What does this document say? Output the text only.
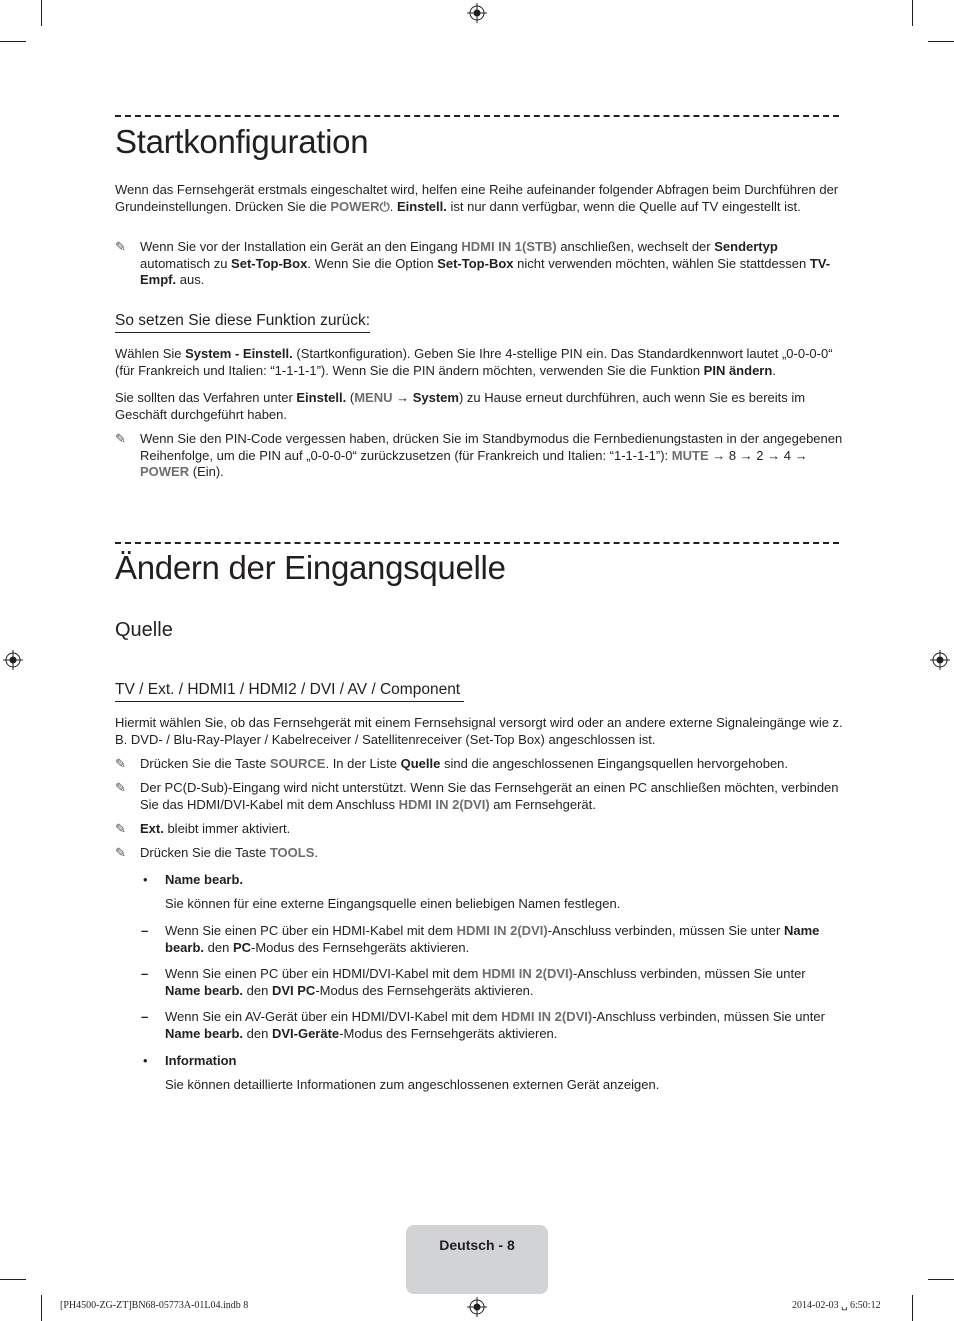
Startkonfiguration
Wenn das Fernsehgerät erstmals eingeschaltet wird, helfen eine Reihe aufeinander folgender Abfragen beim Durchführen der Grundeinstellungen. Drücken Sie die POWER⏻. Einstell. ist nur dann verfügbar, wenn die Quelle auf TV eingestellt ist.
✎	Wenn Sie vor der Installation ein Gerät an den Eingang HDMI IN 1(STB) anschließen, wechselt der Sendertyp automatisch zu Set-Top-Box. Wenn Sie die Option Set-Top-Box nicht verwenden möchten, wählen Sie stattdessen TV-Empf. aus.
So setzen Sie diese Funktion zurück:
Wählen Sie System - Einstell. (Startkonfiguration). Geben Sie Ihre 4-stellige PIN ein. Das Standardkennwort lautet „0-0-0-0“ (für Frankreich und Italien: “1-1-1-1”). Wenn Sie die PIN ändern möchten, verwenden Sie die Funktion PIN ändern.
Sie sollten das Verfahren unter Einstell. (MENU → System) zu Hause erneut durchführen, auch wenn Sie es bereits im Geschäft durchgeführt haben.
✎	Wenn Sie den PIN-Code vergessen haben, drücken Sie im Standbymodus die Fernbedienungstasten in der angegebenen Reihenfolge, um die PIN auf „0-0-0-0“ zurückzusetzen (für Frankreich und Italien: “1-1-1-1”): MUTE → 8 → 2 → 4 → POWER (Ein).
Ändern der Eingangsquelle
Quelle
TV / Ext. / HDMI1 / HDMI2 / DVI / AV / Component
Hiermit wählen Sie, ob das Fernsehgerät mit einem Fernsehsignal versorgt wird oder an andere externe Signaleingänge wie z. B. DVD- / Blu-Ray-Player / Kabelreceiver / Satellitenreceiver (Set-Top Box) angeschlossen ist.
✎	Drücken Sie die Taste SOURCE. In der Liste Quelle sind die angeschlossenen Eingangsquellen hervorgehoben.
✎	Der PC(D-Sub)-Eingang wird nicht unterstützt. Wenn Sie das Fernsehgerät an einen PC anschließen möchten, verbinden Sie das HDMI/DVI-Kabel mit dem Anschluss HDMI IN 2(DVI) am Fernsehgerät.
✎	Ext. bleibt immer aktiviert.
✎	Drücken Sie die Taste TOOLS.
• Name bearb.
Sie können für eine externe Eingangsquelle einen beliebigen Namen festlegen.
– Wenn Sie einen PC über ein HDMI-Kabel mit dem HDMI IN 2(DVI)-Anschluss verbinden, müssen Sie unter Name bearb. den PC-Modus des Fernsehgeräts aktivieren.
– Wenn Sie einen PC über ein HDMI/DVI-Kabel mit dem HDMI IN 2(DVI)-Anschluss verbinden, müssen Sie unter Name bearb. den DVI PC-Modus des Fernsehgeräts aktivieren.
– Wenn Sie ein AV-Gerät über ein HDMI/DVI-Kabel mit dem HDMI IN 2(DVI)-Anschluss verbinden, müssen Sie unter Name bearb. den DVI-Geräte-Modus des Fernsehgeräts aktivieren.
• Information
Sie können detaillierte Informationen zum angeschlossenen externen Gerät anzeigen.
Deutsch - 8
[PH4500-ZG-ZT]BN68-05773A-01L04.indb 8	2014-02-03 ␣ 6:50:12
